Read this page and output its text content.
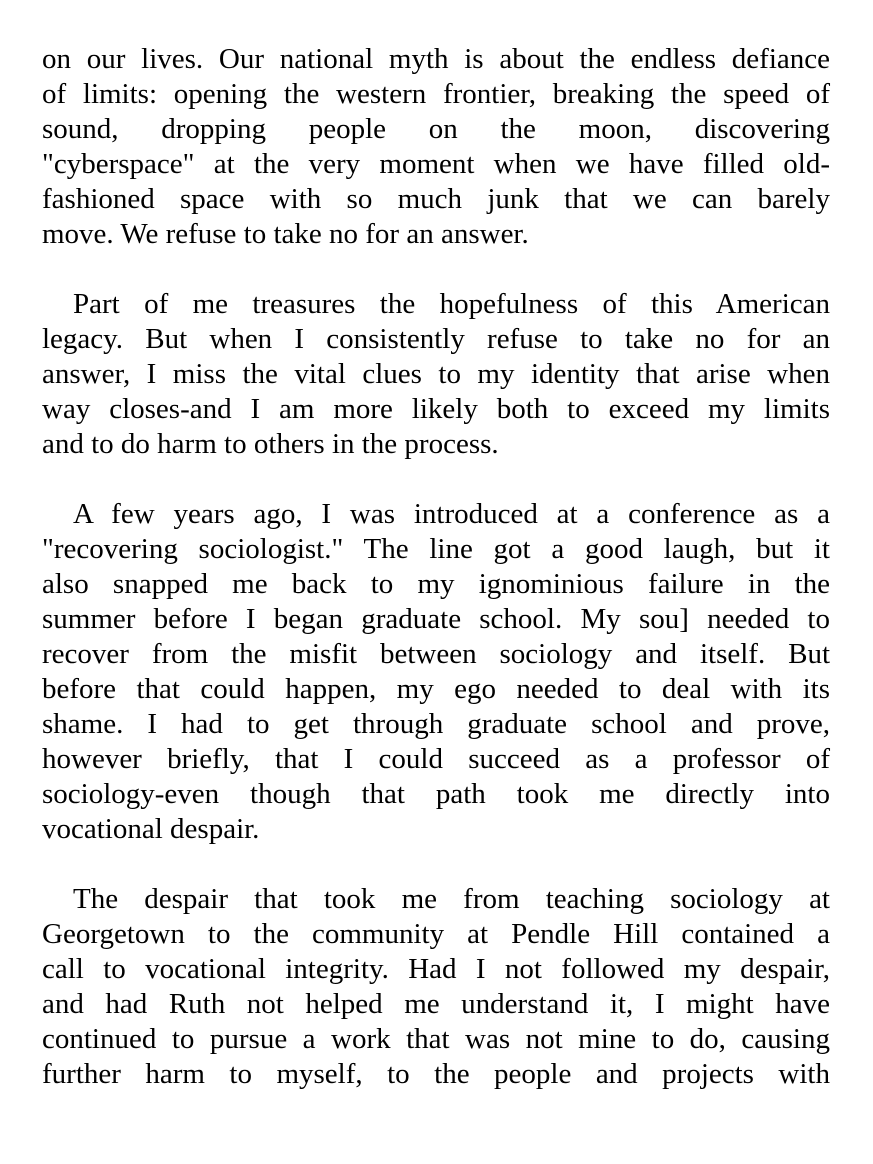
on our lives. Our national myth is about the endless defiance
of limits: opening the western frontier, breaking the speed of
sound, dropping people on the moon, discovering
"cyberspace" at the very moment when we have filled old-
fashioned space with so much junk that we can barely
move. We refuse to take no for an answer.
Part of me treasures the hopefulness of this American
legacy. But when I consistently refuse to take no for an
answer, I miss the vital clues to my identity that arise when
way closes-and I am more likely both to exceed my limits
and to do harm to others in the process.
A few years ago, I was introduced at a conference as a
"recovering sociologist." The line got a good laugh, but it
also snapped me back to my ignominious failure in the
summer before I began graduate school. My sou] needed to
recover from the misfit between sociology and itself. But
before that could happen, my ego needed to deal with its
shame. I had to get through graduate school and prove,
however briefly, that I could succeed as a professor of
sociology-even though that path took me directly into
vocational despair.
The despair that took me from teaching sociology at
Georgetown to the community at Pendle Hill contained a
call to vocational integrity. Had I not followed my despair,
and had Ruth not helped me understand it, I might have
continued to pursue a work that was not mine to do, causing
further harm to myself, to the people and projects with
